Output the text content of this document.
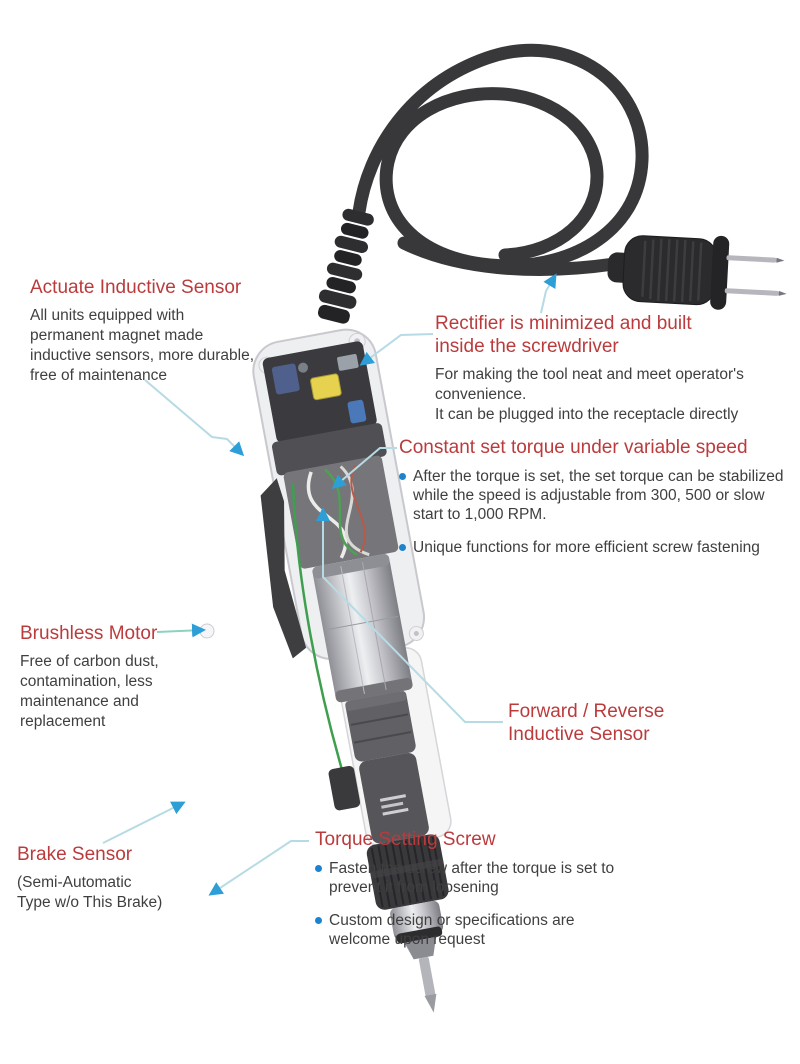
Actuate Inductive Sensor
All units equipped with permanent magnet made inductive sensors, more durable, free of maintenance
Rectifier is minimized and built inside the screwdriver
For making the tool neat and meet operator's convenience.
It can be plugged into the receptacle directly
Constant set torque under variable speed
After the torque is set, the set torque can be stabilized while the speed is adjustable from 300, 500 or slow start to 1,000 RPM.
Unique functions for more efficient screw fastening
Brushless Motor
Free of carbon dust, contamination, less maintenance and replacement	Forward / Reverse
Inductive Sensor
Brake Sensor
(Semi-Automatic
Type w/o This Brake)
Torque Setting Screw
Fasten the screw after the torque is set to prevent it from loosening
Custom design or specifications are welcome upon request
